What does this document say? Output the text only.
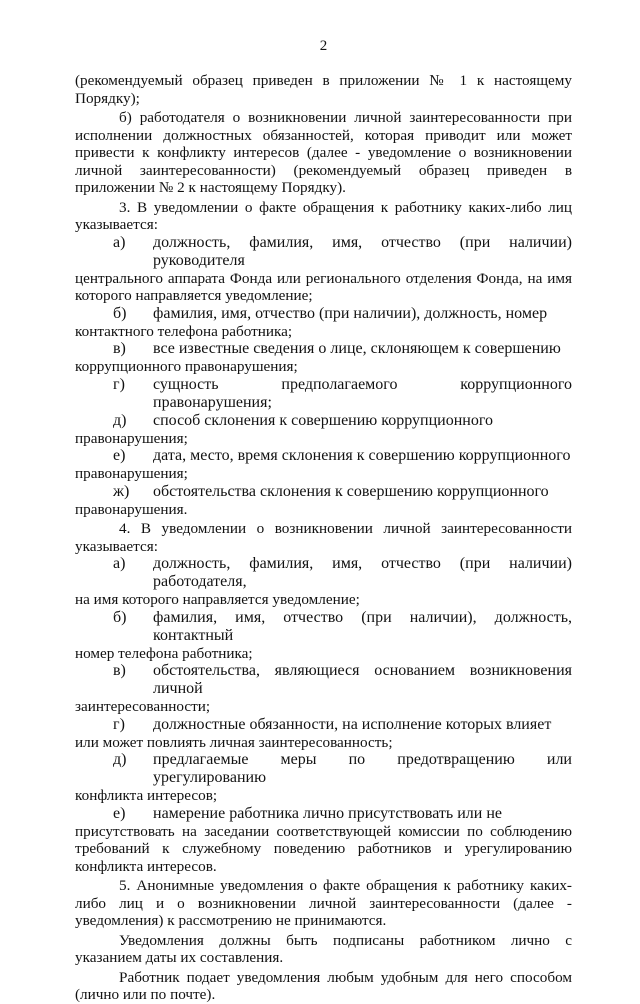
2

(рекомендуемый образец приведен в приложении № 1 к настоящему Порядку);

б) работодателя о возникновении личной заинтересованности при исполнении должностных обязанностей, которая приводит или может привести к конфликту интересов (далее - уведомление о возникновении личной заинтересованности) (рекомендуемый образец приведен в приложении № 2 к настоящему Порядку).

3. В уведомлении о факте обращения к работнику каких-либо лиц указывается:

а)	должность, фамилия, имя, отчество (при наличии) руководителя

центрального аппарата Фонда или регионального отделения Фонда, на имя которого направляется уведомление;

б)	фамилия, имя, отчество (при наличии), должность, номер

контактного телефона работника;

в)	все известные сведения о лице, склоняющем к совершению

коррупционного правонарушения;

г)	сущность предполагаемого коррупционного правонарушения;
д)	способ склонения к совершению коррупционного

правонарушения;

е)	дата, место, время склонения к совершению коррупционного

правонарушения;

ж)	обстоятельства склонения к совершению коррупционного

правонарушения.

4. В уведомлении о возникновении личной заинтересованности указывается:

а)	должность, фамилия, имя, отчество (при наличии) работодателя,

на имя которого направляется уведомление;

б)	фамилия, имя, отчество (при наличии), должность, контактный

номер телефона работника;

в)	обстоятельства, являющиеся основанием возникновения личной

заинтересованности;

г)	должностные обязанности, на исполнение которых влияет

или может повлиять личная заинтересованность;

д)	предлагаемые меры по предотвращению или урегулированию

конфликта интересов;

е)	намерение работника лично присутствовать или не

присутствовать на заседании соответствующей комиссии по соблюдению требований к служебному поведению работников и урегулированию конфликта интересов.

5. Анонимные уведомления о факте обращения к работнику каких-либо лиц и о возникновении личной заинтересованности (далее - уведомления) к рассмотрению не принимаются.

Уведомления должны быть подписаны работником лично с указанием даты их составления.

Работник подает уведомления любым удобным для него способом (лично или по почте).
